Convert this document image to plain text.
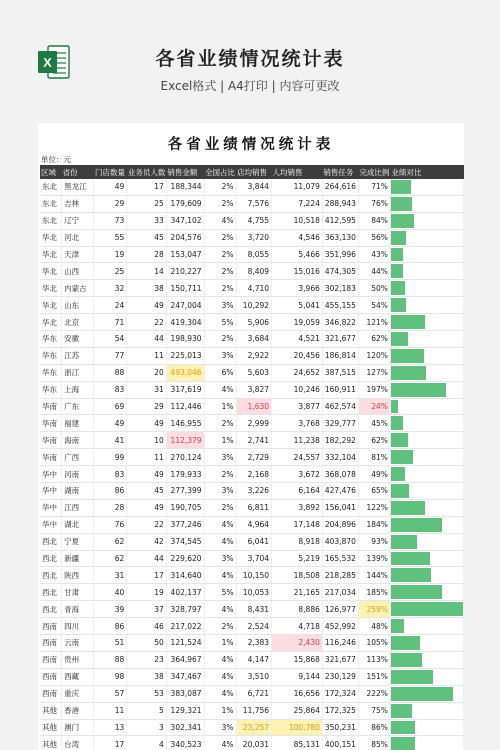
X	各省业绩情况统计表
Excel格式 | A4打印 | 内容可更改
各省业绩情况统计表
单位：元
区域	省份	门店数量	业务员人数	销售金额	全国占比	店均销售	人均销售	销售任务	完成比例	业绩对比
东北	黑龙江	49	17	188,344	2%	3,844	11,079	264,616	71%	

东北	吉林	29	25	179,609	2%	7,576	7,224	288,943	76%	

东北	辽宁	73	33	347,102	4%	4,755	10,518	412,595	84%	

华北	河北	55	45	204,576	2%	3,720	4,546	363,130	56%	

华北	天津	19	28	153,047	2%	8,055	5,466	351,996	43%	

华北	山西	25	14	210,227	2%	8,409	15,016	474,305	44%	

华北	内蒙古	32	38	150,711	2%	4,710	3,966	302,183	50%	

华北	山东	24	49	247,004	3%	10,292	5,041	455,155	54%	

华北	北京	71	22	419,304	5%	5,906	19,059	346,822	121%	

华东	安徽	54	44	198,930	2%	3,684	4,521	321,677	62%	

华东	江苏	77	11	225,013	3%	2,922	20,456	186,814	120%	

华东	浙江	88	20	493,046	6%	5,603	24,652	387,515	127%	

华东	上海	83	31	317,619	4%	3,827	10,246	160,911	197%	

华南	广东	69	29	112,446	1%	1,630	3,877	462,574	24%	

华南	福建	49	49	146,955	2%	2,999	3,768	329,777	45%	

华南	海南	41	10	112,379	1%	2,741	11,238	182,292	62%	

华南	广西	99	11	270,124	3%	2,729	24,557	332,104	81%	

华中	河南	83	49	179,933	2%	2,168	3,672	368,078	49%	

华中	湖南	86	45	277,399	3%	3,226	6,164	427,476	65%	

华中	江西	28	49	190,705	2%	6,811	3,892	156,041	122%	

华中	湖北	76	22	377,246	4%	4,964	17,148	204,896	184%	

西北	宁夏	62	42	374,545	4%	6,041	8,918	403,870	93%	

西北	新疆	62	44	229,620	3%	3,704	5,219	165,532	139%	

西北	陕西	31	17	314,640	4%	10,150	18,508	218,285	144%	

西北	甘肃	40	19	402,137	5%	10,053	21,165	217,034	185%	

西北	青海	39	37	328,797	4%	8,431	8,886	126,977	259%	

西南	四川	86	46	217,022	2%	2,524	4,718	452,992	48%	

西南	云南	51	50	121,524	1%	2,383	2,430	116,246	105%	

西南	贵州	88	23	364,967	4%	4,147	15,868	321,677	113%	

西南	西藏	98	38	347,467	4%	3,510	9,144	230,129	151%	

西南	重庆	57	53	383,087	4%	6,721	16,656	172,324	222%	

其他	香港	11	5	129,321	1%	11,756	25,864	172,325	75%	

其他	澳门	13	3	302,341	3%	23,257	100,780	350,231	86%	

其他	台湾	17	4	340,523	4%	20,031	85,131	400,151	85%	
